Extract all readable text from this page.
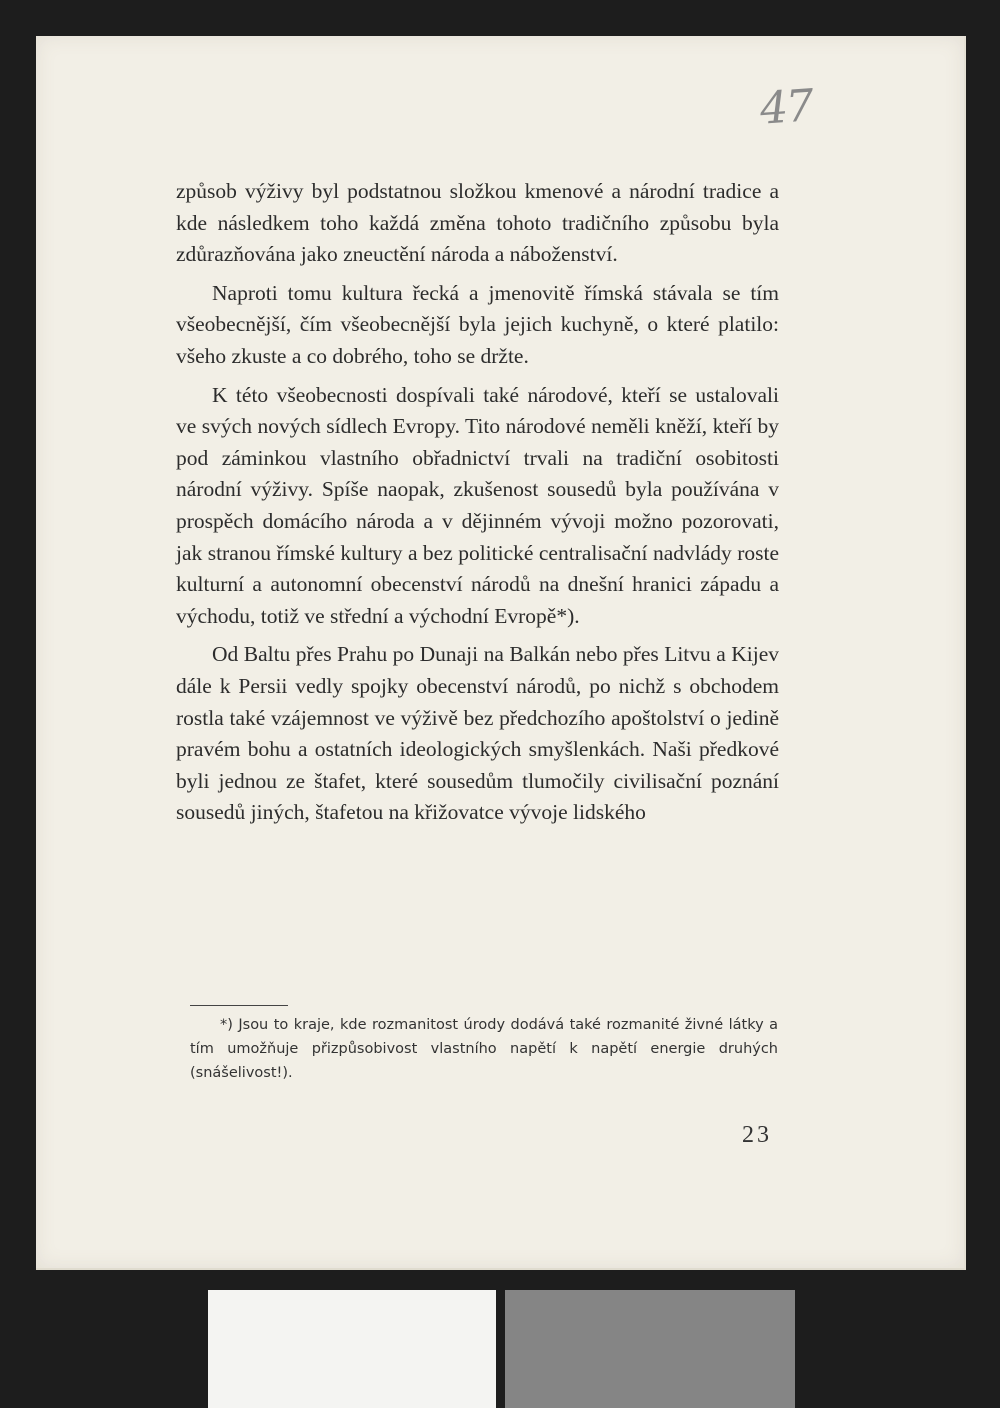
47

způsob výživy byl podstatnou složkou kmenové a národní tradice a kde následkem toho každá změna tohoto tradičního způsobu byla zdůrazňována jako zneuctění národa a náboženství.

Naproti tomu kultura řecká a jmenovitě římská stávala se tím všeobecnější, čím všeobecnější byla jejich kuchyně, o které platilo: všeho zkuste a co dobrého, toho se držte.

K této všeobecnosti dospívali také národové, kteří se ustalovali ve svých nových sídlech Evropy. Tito národové neměli kněží, kteří by pod záminkou vlastního obřadnictví trvali na tradiční osobitosti národní výživy. Spíše naopak, zkušenost sousedů byla používána v prospěch domácího národa a v dějinném vývoji možno pozorovati, jak stranou římské kultury a bez politické centralisační nadvlády roste kulturní a autonomní obecenství národů na dnešní hranici západu a východu, totiž ve střední a východní Evropě*).

Od Baltu přes Prahu po Dunaji na Balkán nebo přes Litvu a Kijev dále k Persii vedly spojky obecenství národů, po nichž s obchodem rostla také vzájemnost ve výživě bez předchozího apoštolství o jedině pravém bohu a ostatních ideologických smyšlenkách. Naši předkové byli jednou ze štafet, které sousedům tlumočily civilisační poznání sousedů jiných, štafetou na křižovatce vývoje lidského

*) Jsou to kraje, kde rozmanitost úrody dodává také rozmanité živné látky a tím umožňuje přizpůsobivost vlastního napětí k napětí energie druhých (snášelivost!).
23
